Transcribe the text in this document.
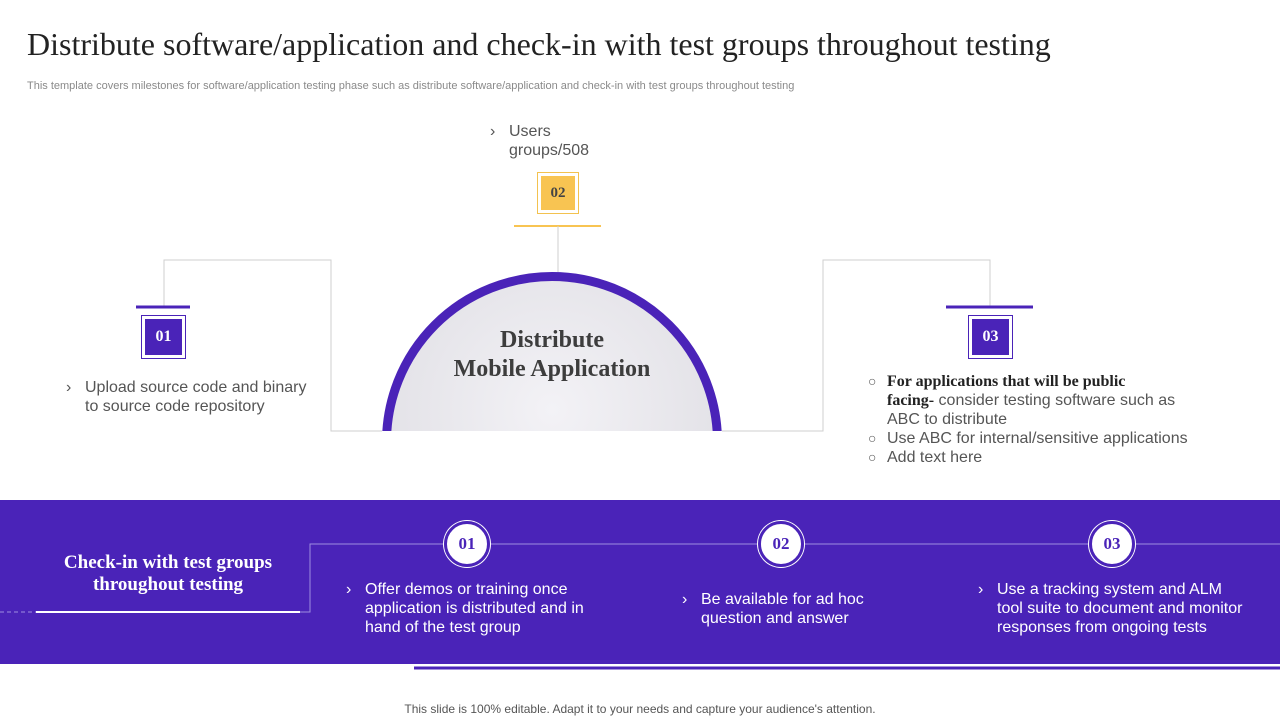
Distribute software/application and check-in with test groups throughout testing
This template covers milestones for software/application testing phase such as distribute software/application and check-in with test groups throughout testing
› Users
groups/508
02
01	03
› Upload source code and binary
to source code repository
○ For applications that will be public
facing- consider testing software such as
ABC to distribute
○ Use ABC for internal/sensitive applications
○ Add text here
Distribute
Mobile Application
Check-in with test groups
throughout testing
01	02	03
› Offer demos or training once
application is distributed and in
hand of the test group
› Be available for ad hoc
question and answer
› Use a tracking system and ALM
tool suite to document and monitor
responses from ongoing tests
This slide is 100% editable. Adapt it to your needs and capture your audience's attention.
